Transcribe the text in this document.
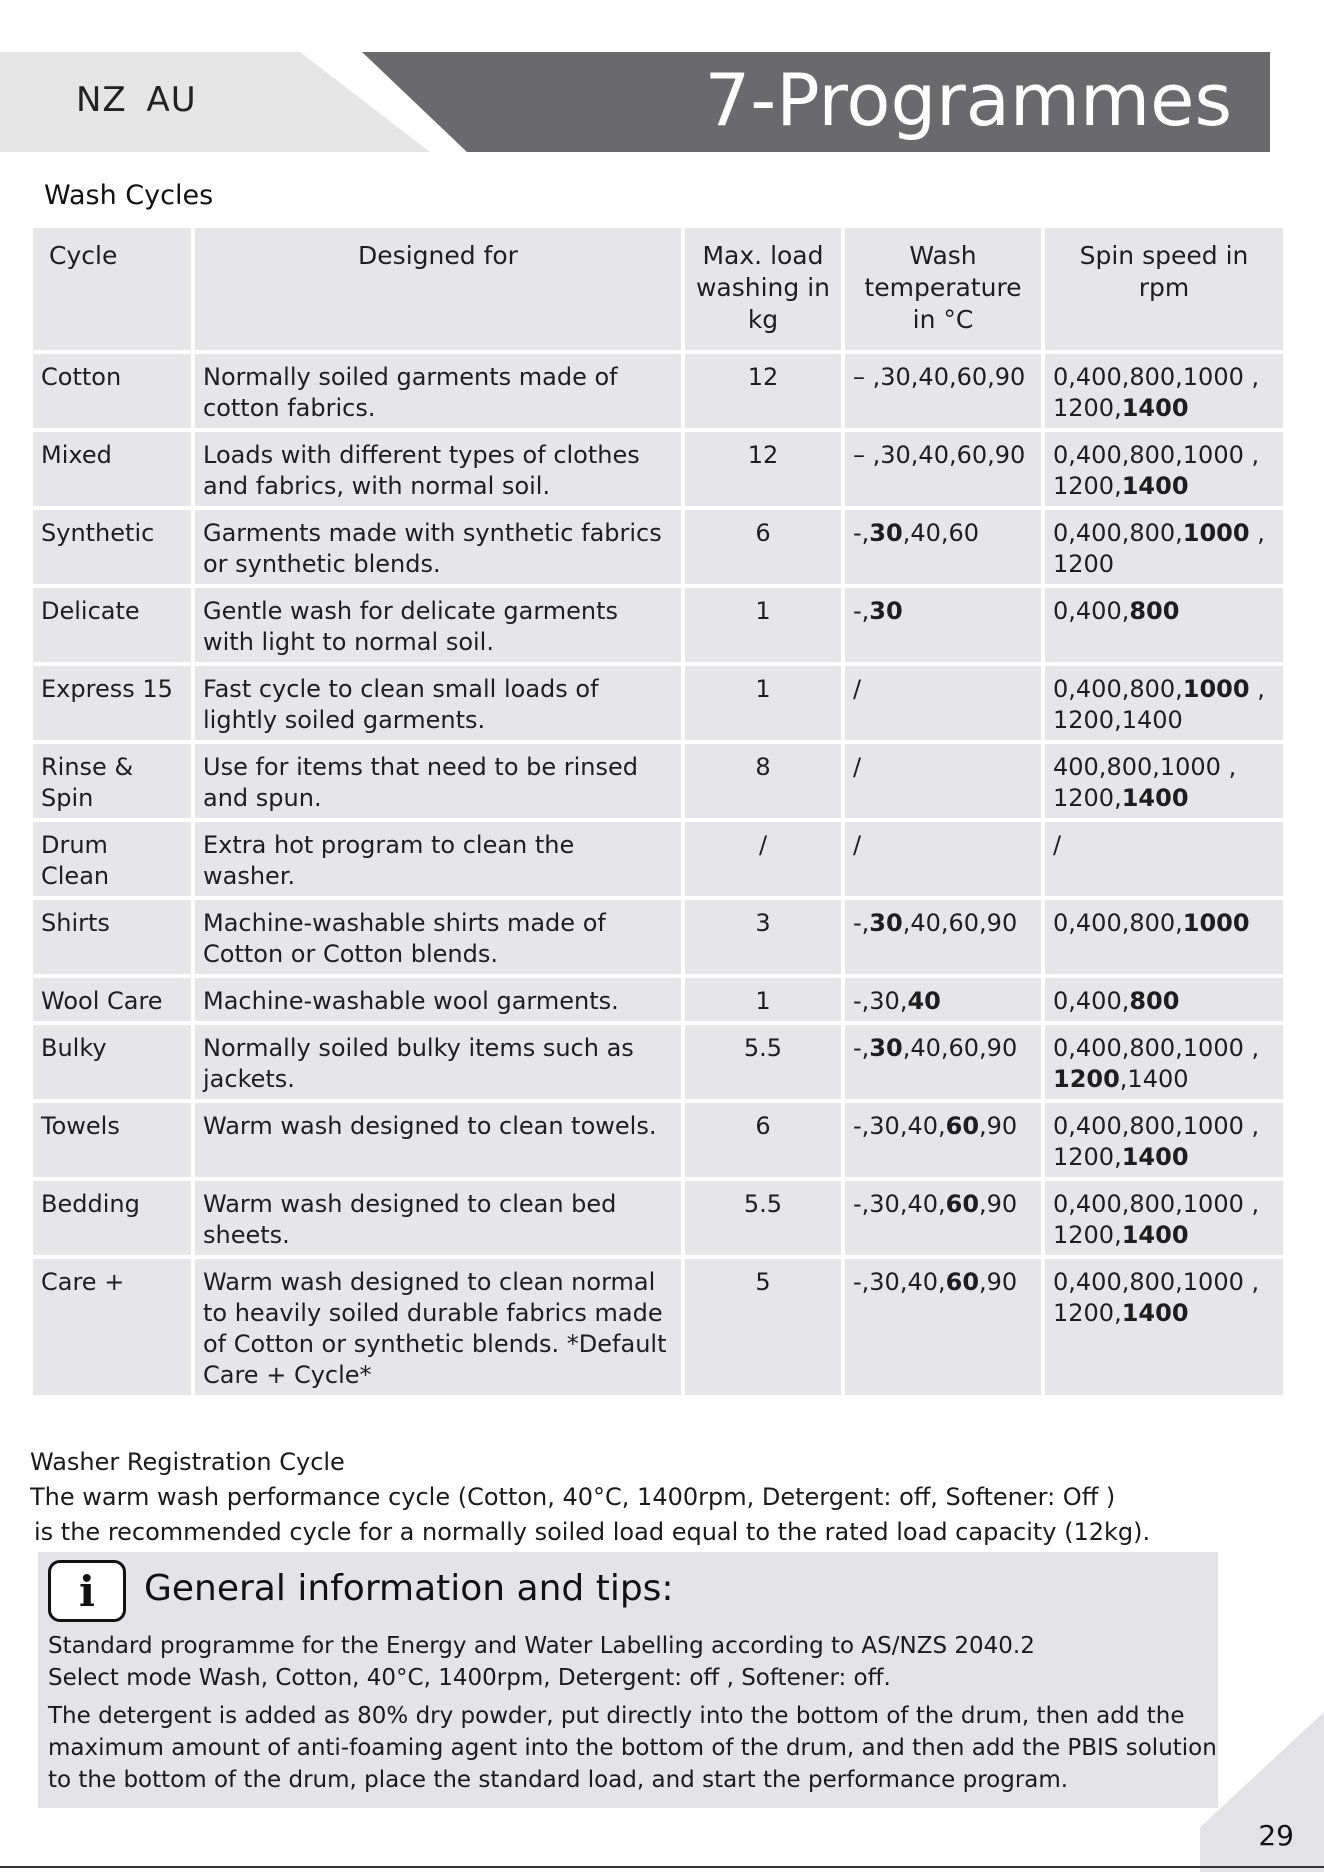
NZ AU	7-Programmes
Wash Cycles
Cycle	Designed for	Max. load washing in kg	Wash temperature in °C	Spin speed in rpm
Cotton	Normally soiled garments made of cotton fabrics.	12	– ,30,40,60,90	0,400,800,1000 , 1200,1400
Mixed	Loads with different types of clothes and fabrics, with normal soil.	12	– ,30,40,60,90	0,400,800,1000 , 1200,1400
Synthetic	Garments made with synthetic fabrics or synthetic blends.	6	-,30,40,60	0,400,800,1000 , 1200
Delicate	Gentle wash for delicate garments with light to normal soil.	1	-,30	0,400,800
Express 15	Fast cycle to clean small loads of lightly soiled garments.	1	/	0,400,800,1000 , 1200,1400
Rinse & Spin	Use for items that need to be rinsed and spun.	8	/	400,800,1000 , 1200,1400
Drum Clean	Extra hot program to clean the washer.	/	/	/
Shirts	Machine-washable shirts made of Cotton or Cotton blends.	3	-,30,40,60,90	0,400,800,1000
Wool Care	Machine-washable wool garments.	1	-,30,40	0,400,800
Bulky	Normally soiled bulky items such as jackets.	5.5	-,30,40,60,90	0,400,800,1000 , 1200,1400
Towels	Warm wash designed to clean towels.	6	-,30,40,60,90	0,400,800,1000 , 1200,1400
Bedding	Warm wash designed to clean bed sheets.	5.5	-,30,40,60,90	0,400,800,1000 , 1200,1400
Care +	Warm wash designed to clean normal to heavily soiled durable fabrics made of Cotton or synthetic blends. *Default Care + Cycle*	5	-,30,40,60,90	0,400,800,1000 , 1200,1400
Washer Registration Cycle
The warm wash performance cycle (Cotton, 40°C, 1400rpm, Detergent: off, Softener: Off )
is the recommended cycle for a normally soiled load equal to the rated load capacity (12kg).
i	General information and tips:
Standard programme for the Energy and Water Labelling according to AS/NZS 2040.2
Select mode Wash, Cotton, 40°C, 1400rpm, Detergent: off , Softener: off.
The detergent is added as 80% dry powder, put directly into the bottom of the drum, then add the maximum amount of anti-foaming agent into the bottom of the drum, and then add the PBIS solution to the bottom of the drum, place the standard load, and start the performance program.
29
